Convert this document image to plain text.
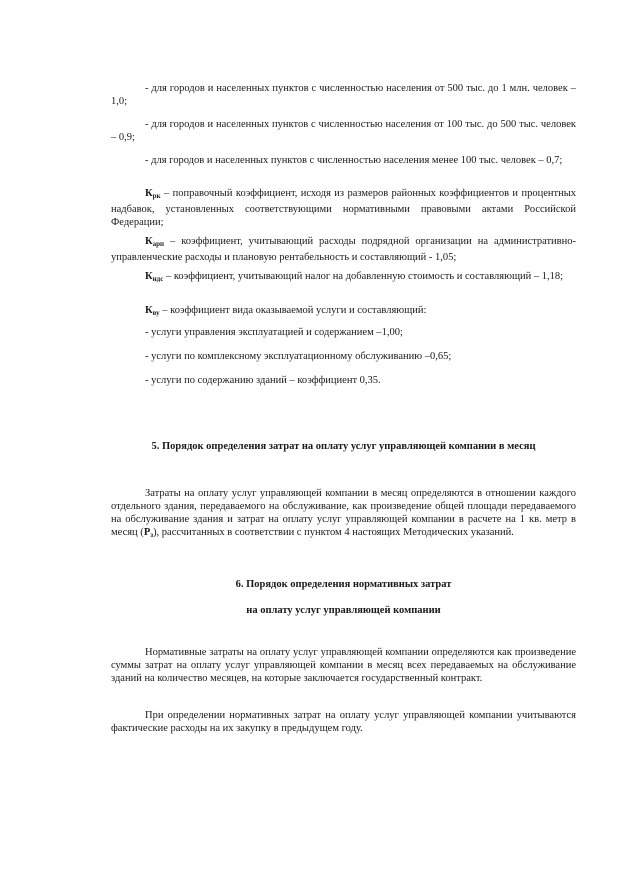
- для городов и населенных пунктов с численностью населения от 500 тыс. до 1 млн. человек – 1,0;

- для городов и населенных пунктов с численностью населения от 100 тыс. до 500 тыс. человек – 0,9;

- для городов и населенных пунктов с численностью населения менее 100 тыс. человек – 0,7;

$К_{рк}$ – поправочный коэффициент, исходя из размеров районных коэффициентов и процентных надбавок, установленных соответствующими нормативными правовыми актами Российской Федерации;

$К_{арп}$ – коэффициент, учитывающий расходы подрядной организации на административно-управленческие расходы и плановую рентабельность и составляющий - 1,05;

$К_{ндс}$ – коэффициент, учитывающий налог на добавленную стоимость и составляющий – 1,18;

$К_{ву}$ – коэффициент вида оказываемой услуги и составляющий:

- услуги управления эксплуатацией и содержанием –1,00;

- услуги по комплексному эксплуатационному обслуживанию –0,65;

- услуги по содержанию зданий – коэффициент 0,35.

5. Порядок определения затрат на оплату услуг управляющей компании в месяц

Затраты на оплату услуг управляющей компании в месяц определяются в отношении каждого отдельного здания, передаваемого на обслуживание, как произведение общей площади передаваемого на обслуживание здания и затрат на оплату услуг управляющей компании в расчете на 1 кв. метр в месяц $(Р_з)$, рассчитанных в соответствии с пунктом 4 настоящих Методических указаний.

6. Порядок определения нормативных затрат

на оплату услуг управляющей компании

Нормативные затраты на оплату услуг управляющей компании определяются как произведение суммы затрат на оплату услуг управляющей компании в месяц всех передаваемых на обслуживание зданий на количество месяцев, на которые заключается государственный контракт.

При определении нормативных затрат на оплату услуг управляющей компании учитываются фактические расходы на их закупку в предыдущем году.
